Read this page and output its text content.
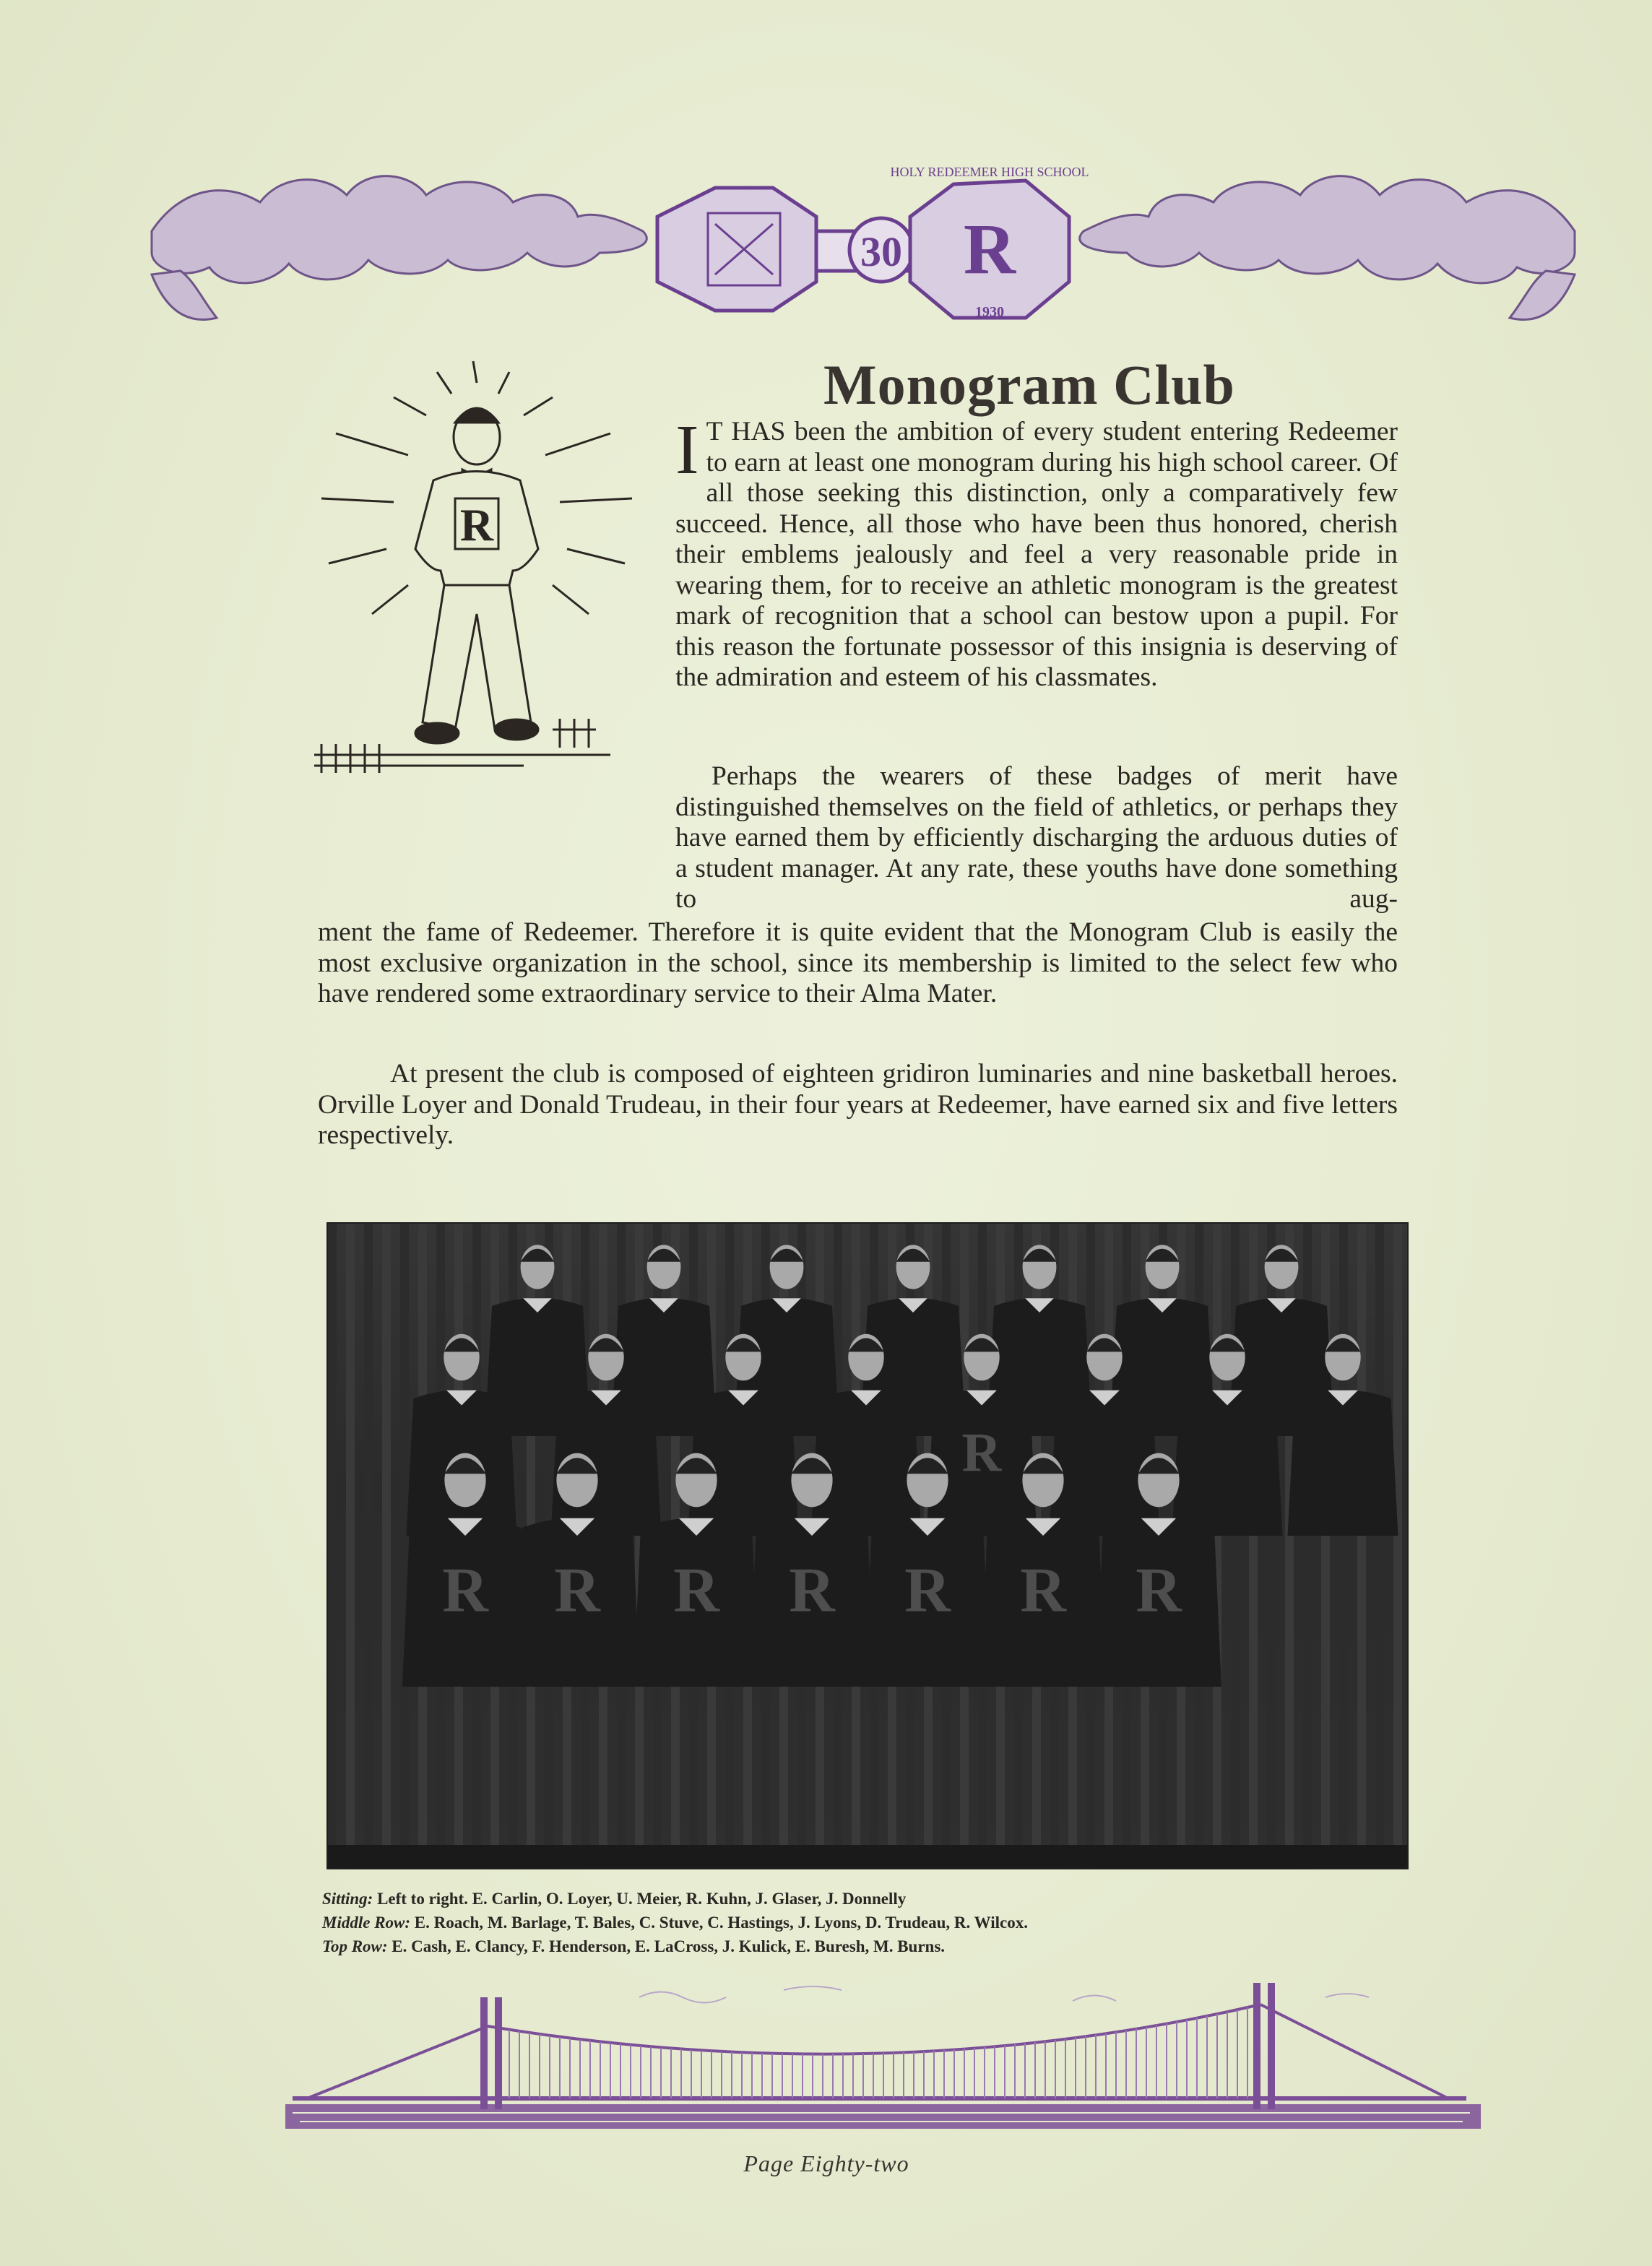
30 R
1930
HOLY REDEEMER HIGH SCHOOL
R
Monogram Club
I T HAS been the ambition of every student entering Redeemer to earn at least one monogram during his high school career. Of all those seeking this distinction, only a comparatively few succeed. Hence, all those who have been thus honored, cherish their emblems jealously and feel a very reasonable pride in wearing them, for to receive an athletic monogram is the greatest mark of recognition that a school can bestow upon a pupil. For this reason the fortunate possessor of this insignia is deserving of the admiration and esteem of his classmates.
Perhaps the wearers of these badges of merit have distinguished themselves on the field of athletics, or perhaps they have earned them by efficiently discharging the arduous duties of a student manager. At any rate, these youths have done something to aug-
ment the fame of Redeemer. Therefore it is quite evident that the Monogram Club is easily the most exclusive organization in the school, since its membership is limited to the select few who have rendered some extraordinary service to their Alma Mater.
At present the club is composed of eighteen gridiron luminaries and nine basketball heroes. Orville Loyer and Donald Trudeau, in their four years at Redeemer, have earned six and five letters respectively.
R
R R R R R R R
Sitting: Left to right. E. Carlin, O. Loyer, U. Meier, R. Kuhn, J. Glaser, J. Donnelly
Middle Row: E. Roach, M. Barlage, T. Bales, C. Stuve, C. Hastings, J. Lyons, D. Trudeau, R. Wilcox.
Top Row: E. Cash, E. Clancy, F. Henderson, E. LaCross, J. Kulick, E. Buresh, M. Burns.
Page Eighty-two
